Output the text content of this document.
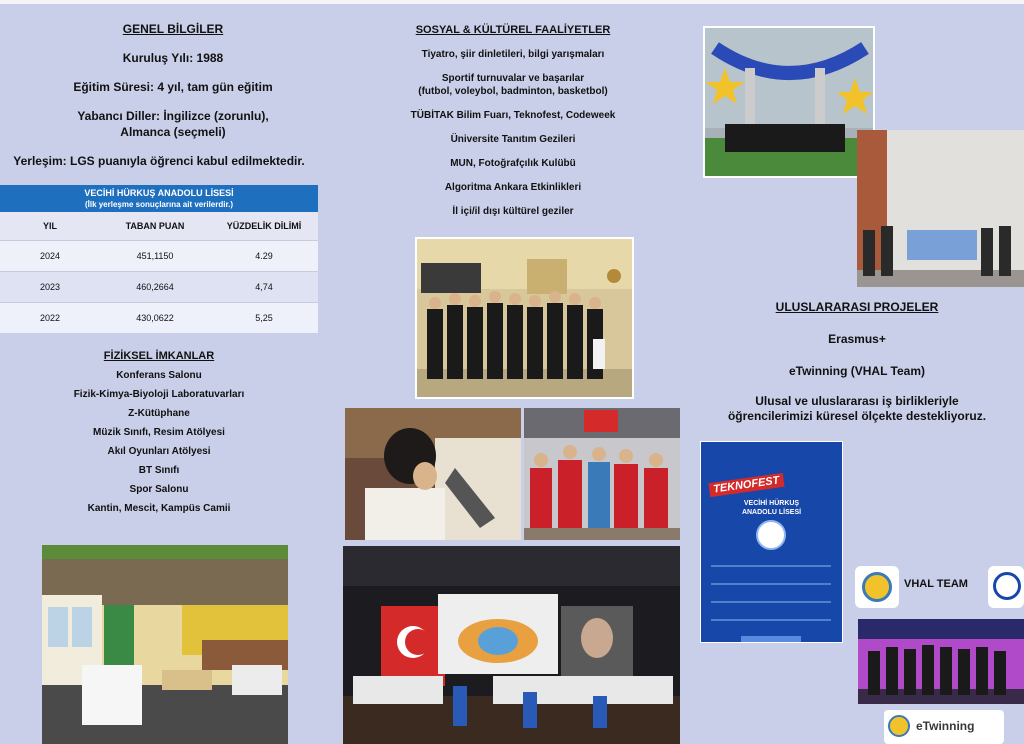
GENEL BİLGİLER
Kuruluş Yılı: 1988
Eğitim Süresi: 4 yıl, tam gün eğitim
Yabancı Diller: İngilizce (zorunlu),
Almanca (seçmeli)
Yerleşim: LGS puanıyla öğrenci kabul edilmektedir.
VECİHİ HÜRKUŞ ANADOLU LİSESİ
(İlk yerleşme sonuçlarına ait verilerdir.)
YIL	TABAN PUAN	YÜZDELİK DİLİMİ
2024	451,1150	4.29
2023	460,2664	4,74
2022	430,0622	5,25
FİZİKSEL İMKANLAR
Konferans Salonu
Fizik-Kimya-Biyoloji Laboratuvarları
Z-Kütüphane
Müzik Sınıfı, Resim Atölyesi
Akıl Oyunları Atölyesi
BT Sınıfı
Spor Salonu
Kantin, Mescit, Kampüs Camii
SOSYAL & KÜLTÜREL FAALİYETLER
Tiyatro, şiir dinletileri, bilgi yarışmaları
Sportif turnuvalar ve başarılar
(futbol, voleybol, badminton, basketbol)
TÜBİTAK Bilim Fuarı, Teknofest, Codeweek
Üniversite Tanıtım Gezileri
MUN, Fotoğrafçılık Kulübü
Algoritma Ankara Etkinlikleri
İl içi/il dışı kültürel geziler
ULUSLARARASI PROJELER
Erasmus+
eTwinning (VHAL Team)
Ulusal ve uluslararası iş birlikleriyle
öğrencilerimizi küresel ölçekte destekliyoruz.
TEKNOFEST
VECİHİ HÜRKUŞ
ANADOLU LİSESİ
VHAL TEAM
eTwinning
